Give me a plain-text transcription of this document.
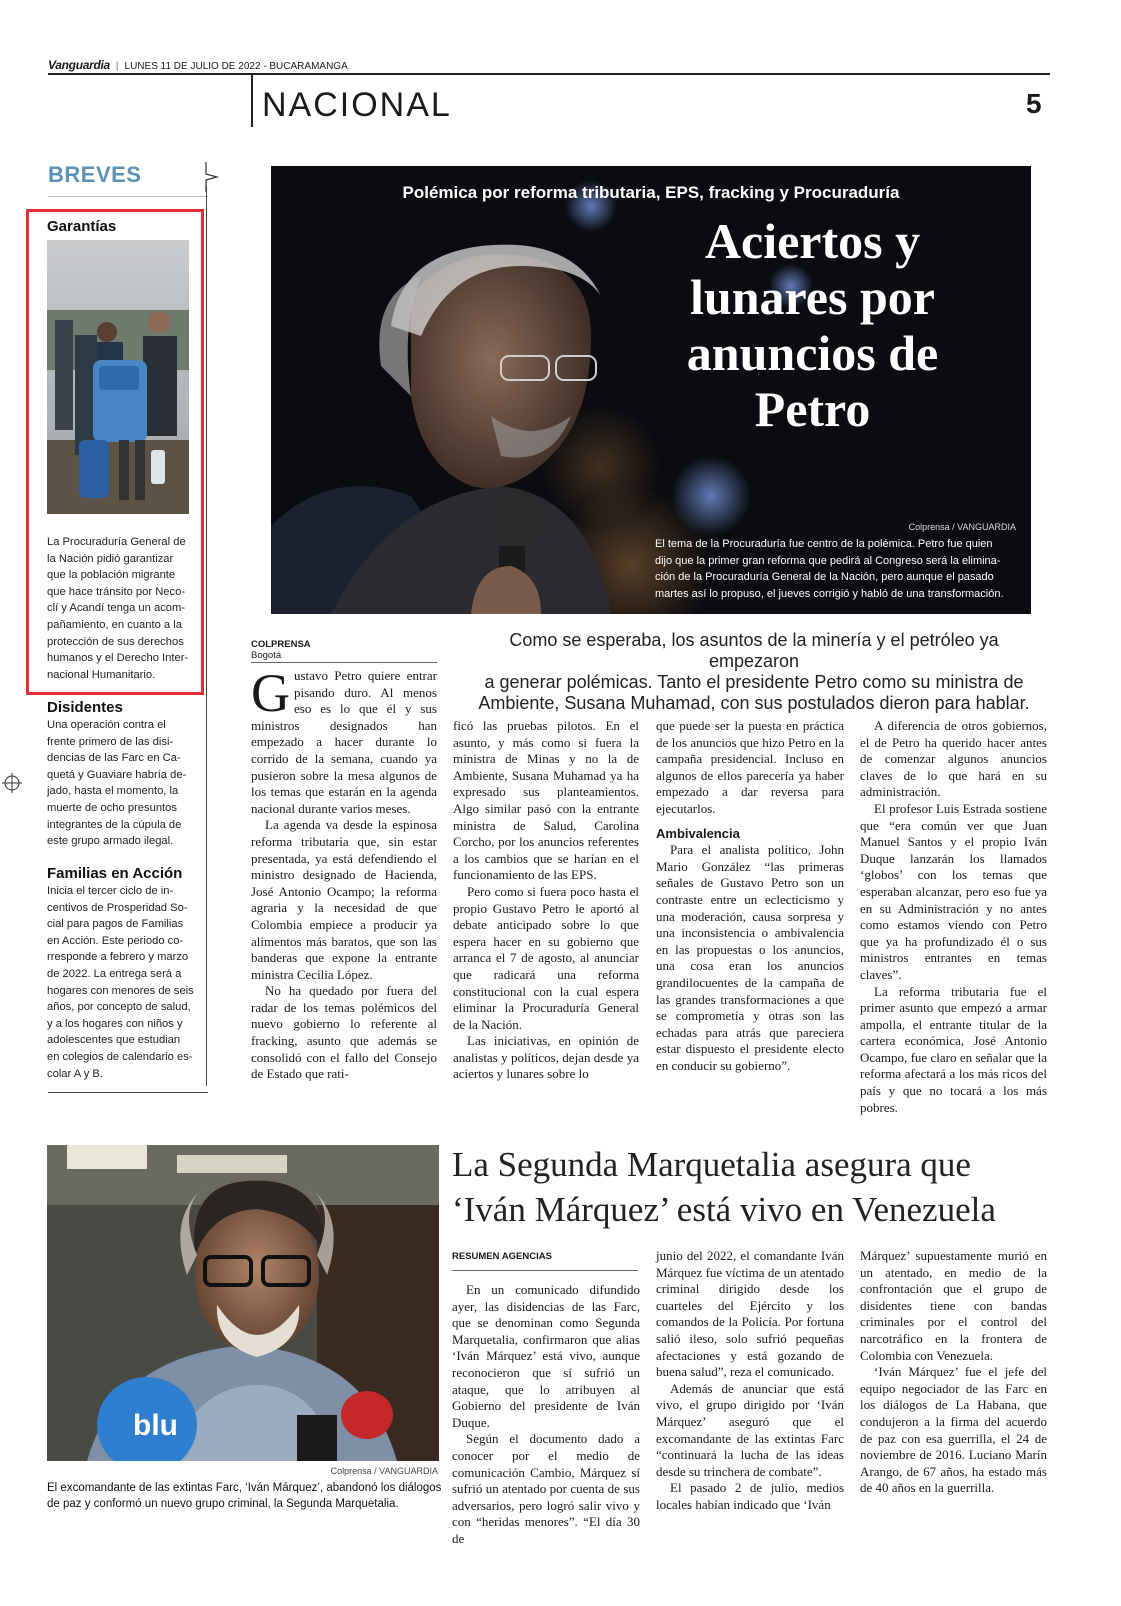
Vanguardia | LUNES 11 DE JULIO DE 2022 - BUCARAMANGA
NACIONAL	5
BREVES
Garantías
La Procuraduría General de
la Nación pidió garantizar
que la población migrante
que hace tránsito por Neco-
clí y Acandí tenga un acom-
pañamiento, en cuanto a la
protección de sus derechos
humanos y el Derecho Inter-
nacional Humanitario.
Disidentes
Una operación contra el
frente primero de las disi-
dencias de las Farc en Ca-
quetá y Guaviare habría de-
jado, hasta el momento, la
muerte de ocho presuntos
integrantes de la cúpula de
este grupo armado ilegal.
Familias en Acción
Inicia el tercer ciclo de in-
centivos de Prosperidad So-
cial para pagos de Familias
en Acción. Este periodo co-
rresponde a febrero y marzo
de 2022. La entrega será a
hogares con menores de seis
años, por concepto de salud,
y a los hogares con niños y
adolescentes que estudian
en colegios de calendario es-
colar A y B.
Polémica por reforma tributaria, EPS, fracking y Procuraduría
Aciertos y
lunares por
anuncios de
Petro
Colprensa / VANGUARDIA
El tema de la Procuraduría fue centro de la polémica. Petro fue quien
dijo que la primer gran reforma que pedirá al Congreso será la elimina-
ción de la Procuraduría General de la Nación, pero aunque el pasado
martes así lo propuso, el jueves corrigió y habló de una transformación.
Como se esperaba, los asuntos de la minería y el petróleo ya empezaron
a generar polémicas. Tanto el presidente Petro como su ministra de
Ambiente, Susana Muhamad, con sus postulados dieron para hablar.
COLPRENSA
Bogotá

Gustavo Petro quiere entrar pisando duro. Al menos eso es lo que él y sus ministros designados han empezado a hacer durante lo corrido de la semana, cuando ya pusieron sobre la mesa algunos de los temas que estarán en la agenda nacional durante varios meses.

La agenda va desde la espinosa reforma tributaria que, sin estar presentada, ya está defendiendo el ministro designado de Hacienda, José Antonio Ocampo; la reforma agraria y la necesidad de que Colombia empiece a producir ya alimentos más baratos, que son las banderas que expone la entrante ministra Cecilia López.

No ha quedado por fuera del radar de los temas polémicos del nuevo gobierno lo referente al fracking, asunto que además se consolidó con el fallo del Consejo de Estado que rati-

ficó las pruebas pilotos. En el asunto, y más como si fuera la ministra de Minas y no la de Ambiente, Susana Muhamad ya ha expresado sus planteamientos. Algo similar pasó con la entrante ministra de Salud, Carolina Corcho, por los anuncios referentes a los cambios que se harían en el funcionamiento de las EPS.

Pero como si fuera poco hasta el propio Gustavo Petro le aportó al debate anticipado sobre lo que espera hacer en su gobierno que arranca el 7 de agosto, al anunciar que radicará una reforma constitucional con la cual espera eliminar la Procuraduría General de la Nación.

Las iniciativas, en opinión de analistas y políticos, dejan desde ya aciertos y lunares sobre lo

que puede ser la puesta en práctica de los anuncios que hizo Petro en la campaña presidencial. Incluso en algunos de ellos parecería ya haber empezado a dar reversa para ejecutarlos.

Ambivalencia

Para el analista político, John Mario González “las primeras señales de Gustavo Petro son un contraste entre un eclecticismo y una moderación, causa sorpresa y una inconsistencia o ambivalencia en las propuestas o los anuncios, una cosa eran los anuncios grandilocuentes de la campaña de las grandes transformaciones a que se comprometía y otras son las echadas para atrás que pareciera estar dispuesto el presidente electo en conducir su gobierno”.

A diferencia de otros gobiernos, el de Petro ha querido hacer antes de comenzar algunos anuncios claves de lo que hará en su administración.

El profesor Luis Estrada sostiene que “era común ver que Juan Manuel Santos y el propio Iván Duque lanzarán los llamados ‘globos’ con los temas que esperaban alcanzar, pero eso fue ya en su Administración y no antes como estamos viendo con Petro que ya ha profundizado él o sus ministros entrantes en temas claves”.

La reforma tributaria fue el primer asunto que empezó a armar ampolla, el entrante titular de la cartera económica, José Antonio Ocampo, fue claro en señalar que la reforma afectará a los más ricos del país y que no tocará a los más pobres.

blu
Colprensa / VANGUARDIA
El excomandante de las extintas Farc, ‘Iván Márquez’, abandonó los diálogos
de paz y conformó un nuevo grupo criminal, la Segunda Marquetalia.
La Segunda Marquetalia asegura que
‘Iván Márquez’ está vivo en Venezuela
RESUMEN AGENCIAS

En un comunicado difundido ayer, las disidencias de las Farc, que se denominan como Segunda Marquetalia, confirmaron que alias ‘Iván Márquez’ está vivo, aunque reconocieron que sí sufrió un ataque, que lo atribuyen al Gobierno del presidente de Iván Duque.

Según el documento dado a conocer por el medio de comunicación Cambio, Márquez sí sufrió un atentado por cuenta de sus adversarios, pero logró salir vivo y con “heridas menores”. “El día 30 de

junio del 2022, el comandante Iván Márquez fue víctima de un atentado criminal dirigido desde los cuarteles del Ejército y los comandos de la Policía. Por fortuna salió ileso, solo sufrió pequeñas afectaciones y está gozando de buena salud”, reza el comunicado.

Además de anunciar que está vivo, el grupo dirigido por ‘Iván Márquez’ aseguró que el excomandante de las extintas Farc “continuará la lucha de las ideas desde su trinchera de combate”.

El pasado 2 de julio, medios locales habían indicado que ‘Iván

Márquez’ supuestamente murió en un atentado, en medio de la confrontación que el grupo de disidentes tiene con bandas criminales por el control del narcotráfico en la frontera de Colombia con Venezuela.

‘Iván Márquez’ fue el jefe del equipo negociador de las Farc en los diálogos de La Habana, que condujeron a la firma del acuerdo de paz con esa guerrilla, el 24 de noviembre de 2016. Luciano Marín Arango, de 67 años, ha estado más de 40 años en la guerrilla.
